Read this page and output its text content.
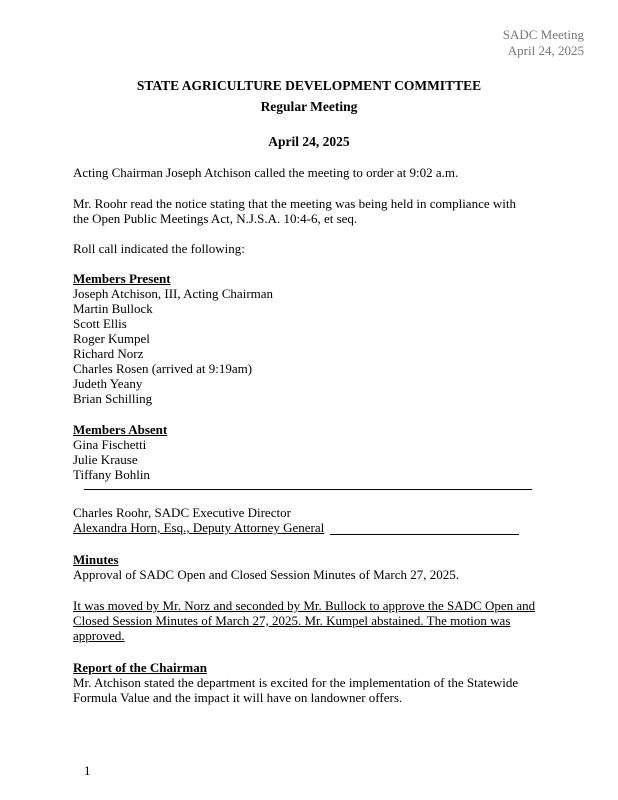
SADC Meeting
April 24, 2025
STATE AGRICULTURE DEVELOPMENT COMMITTEE
Regular Meeting
April 24, 2025
Acting Chairman Joseph Atchison called the meeting to order at 9:02 a.m.
Mr. Roohr read the notice stating that the meeting was being held in compliance with
the Open Public Meetings Act, N.J.S.A. 10:4-6, et seq.
Roll call indicated the following:
Members Present
Joseph Atchison, III, Acting Chairman
Martin Bullock
Scott Ellis
Roger Kumpel
Richard Norz
Charles Rosen (arrived at 9:19am)
Judeth Yeany
Brian Schilling
Members Absent
Gina Fischetti
Julie Krause
Tiffany Bohlin
Charles Roohr, SADC Executive Director
Alexandra Horn, Esq., Deputy Attorney General
Minutes
Approval of SADC Open and Closed Session Minutes of March 27, 2025.
It was moved by Mr. Norz and seconded by Mr. Bullock to approve the SADC Open and
Closed Session Minutes of March 27, 2025. Mr. Kumpel abstained. The motion was
approved.
Report of the Chairman
Mr. Atchison stated the department is excited for the implementation of the Statewide
Formula Value and the impact it will have on landowner offers.
1
